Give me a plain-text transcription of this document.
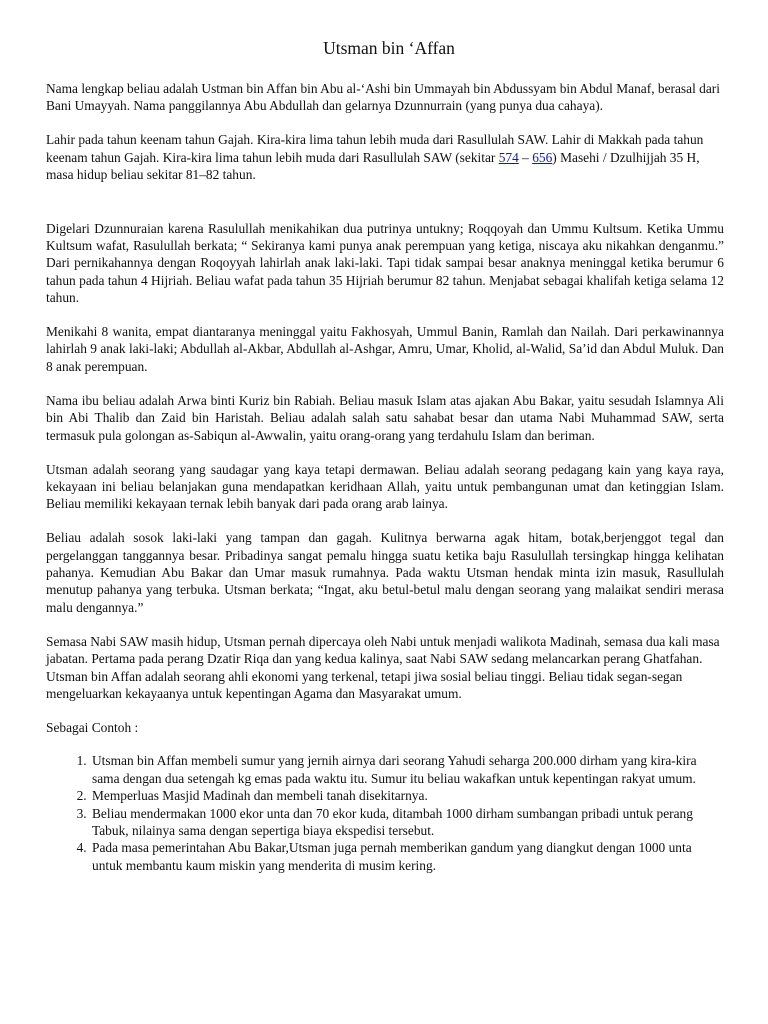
Utsman bin ‘Affan

Nama lengkap beliau adalah Ustman bin Affan bin Abu al-‘Ashi bin Ummayah bin Abdussyam bin Abdul Manaf, berasal dari Bani Umayyah. Nama panggilannya Abu Abdullah dan gelarnya Dzunnurrain (yang punya dua cahaya).

Lahir pada tahun keenam tahun Gajah. Kira-kira lima tahun lebih muda dari Rasullulah SAW. Lahir di Makkah pada tahun keenam tahun Gajah. Kira-kira lima tahun lebih muda dari Rasullulah SAW (sekitar 574 – 656) Masehi / Dzulhijjah 35 H, masa hidup beliau sekitar 81–82 tahun.

Digelari Dzunnuraian karena Rasulullah menikahikan dua putrinya untukny; Roqqoyah dan Ummu Kultsum. Ketika Ummu Kultsum wafat, Rasulullah berkata; “ Sekiranya kami punya anak perempuan yang ketiga, niscaya aku nikahkan denganmu.” Dari pernikahannya dengan Roqoyyah lahirlah anak laki-laki. Tapi tidak sampai besar anaknya meninggal ketika berumur 6 tahun pada tahun 4 Hijriah. Beliau wafat pada tahun 35 Hijriah berumur 82 tahun. Menjabat sebagai khalifah ketiga selama 12 tahun.

Menikahi 8 wanita, empat diantaranya meninggal yaitu Fakhosyah, Ummul Banin, Ramlah dan Nailah. Dari perkawinannya lahirlah 9 anak laki-laki; Abdullah al-Akbar, Abdullah al-Ashgar, Amru, Umar, Kholid, al-Walid, Sa’id dan Abdul Muluk. Dan 8 anak perempuan.

Nama ibu beliau adalah Arwa binti Kuriz bin Rabiah. Beliau masuk Islam atas ajakan Abu Bakar, yaitu sesudah Islamnya Ali bin Abi Thalib dan Zaid bin Haristah. Beliau adalah salah satu sahabat besar dan utama Nabi Muhammad SAW, serta termasuk pula golongan as-Sabiqun al-Awwalin, yaitu orang-orang yang terdahulu Islam dan beriman.

Utsman adalah seorang yang saudagar yang kaya tetapi dermawan. Beliau adalah seorang pedagang kain yang kaya raya, kekayaan ini beliau belanjakan guna mendapatkan keridhaan Allah, yaitu untuk pembangunan umat dan ketinggian Islam. Beliau memiliki kekayaan ternak lebih banyak dari pada orang arab lainya.

Beliau adalah sosok laki-laki yang tampan dan gagah. Kulitnya berwarna agak hitam, botak,berjenggot tegal dan pergelanggan tanggannya besar. Pribadinya sangat pemalu hingga suatu ketika baju Rasulullah tersingkap hingga kelihatan pahanya. Kemudian Abu Bakar dan Umar masuk rumahnya. Pada waktu Utsman hendak minta izin masuk, Rasullulah menutup pahanya yang terbuka. Utsman berkata; “Ingat, aku betul-betul malu dengan seorang yang malaikat sendiri merasa malu dengannya.”

Semasa Nabi SAW masih hidup, Utsman pernah dipercaya oleh Nabi untuk menjadi walikota Madinah, semasa dua kali masa jabatan. Pertama pada perang Dzatir Riqa dan yang kedua kalinya, saat Nabi SAW sedang melancarkan perang Ghatfahan.

Utsman bin Affan adalah seorang ahli ekonomi yang terkenal, tetapi jiwa sosial beliau tinggi. Beliau tidak segan-segan mengeluarkan kekayaanya untuk kepentingan Agama dan Masyarakat umum.

Sebagai Contoh :

1. Utsman bin Affan membeli sumur yang jernih airnya dari seorang Yahudi seharga 200.000 dirham yang kira-kira sama dengan dua setengah kg emas pada waktu itu. Sumur itu beliau wakafkan untuk kepentingan rakyat umum.
2. Memperluas Masjid Madinah dan membeli tanah disekitarnya.
3. Beliau mendermakan 1000 ekor unta dan 70 ekor kuda, ditambah 1000 dirham sumbangan pribadi untuk perang Tabuk, nilainya sama dengan sepertiga biaya ekspedisi tersebut.
4. Pada masa pemerintahan Abu Bakar,Utsman juga pernah memberikan gandum yang diangkut dengan 1000 unta untuk membantu kaum miskin yang menderita di musim kering.
